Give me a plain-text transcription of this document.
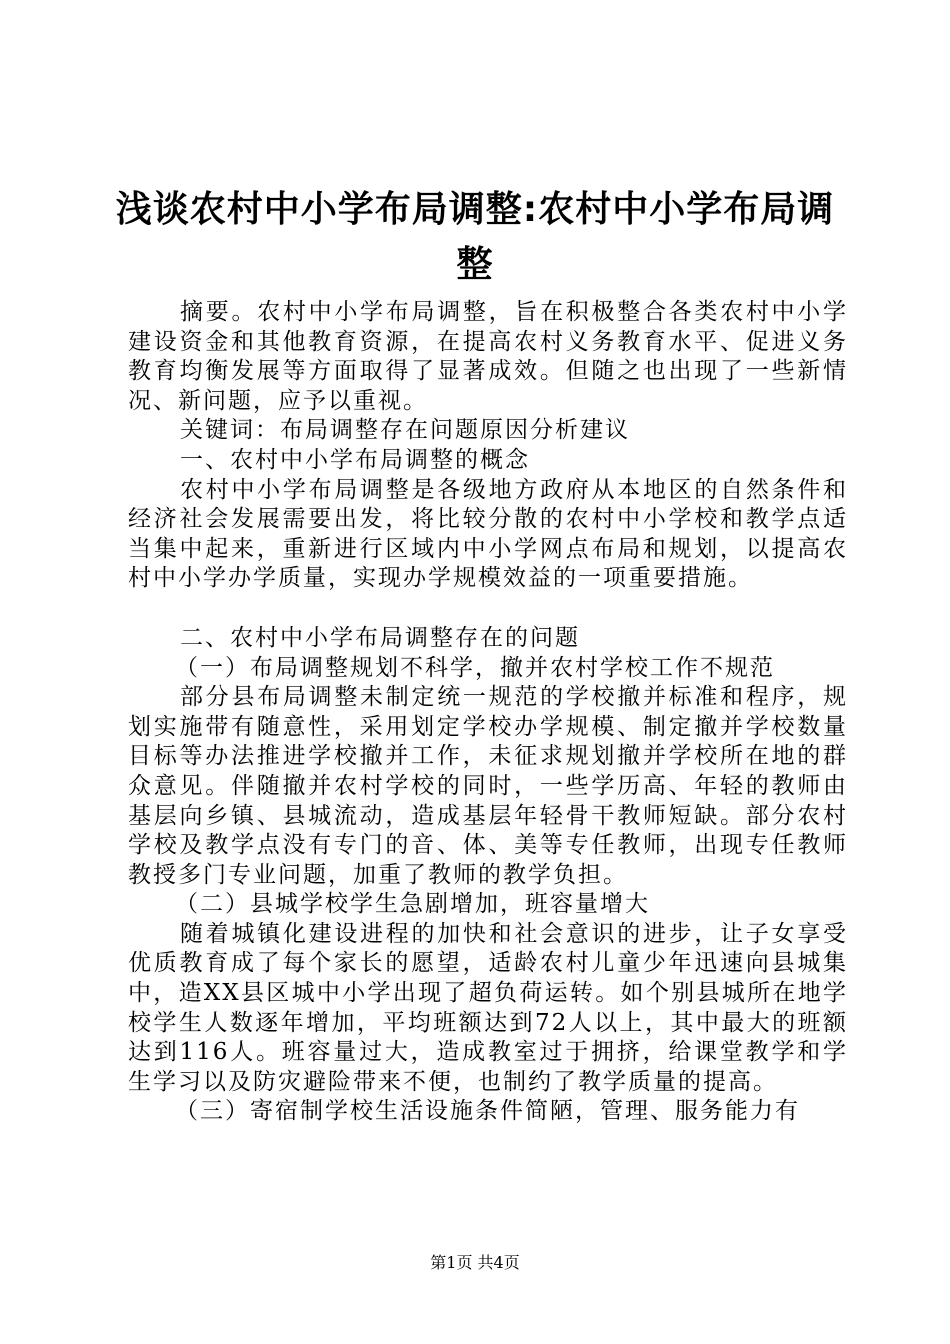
浅谈农村中小学布局调整:农村中小学布局调
整

摘要。农村中小学布局调整，旨在积极整合各类农村中小学建设资金和其他教育资源，在提高农村义务教育水平、促进义务教育均衡发展等方面取得了显著成效。但随之也出现了一些新情况、新问题，应予以重视。

关键词：布局调整存在问题原因分析建议

一、农村中小学布局调整的概念

农村中小学布局调整是各级地方政府从本地区的自然条件和经济社会发展需要出发，将比较分散的农村中小学校和教学点适当集中起来，重新进行区域内中小学网点布局和规划，以提高农村中小学办学质量，实现办学规模效益的一项重要措施。

二、农村中小学布局调整存在的问题

（一）布局调整规划不科学，撤并农村学校工作不规范

部分县布局调整未制定统一规范的学校撤并标准和程序，规划实施带有随意性，采用划定学校办学规模、制定撤并学校数量目标等办法推进学校撤并工作，未征求规划撤并学校所在地的群众意见。伴随撤并农村学校的同时，一些学历高、年轻的教师由基层向乡镇、县城流动，造成基层年轻骨干教师短缺。部分农村学校及教学点没有专门的音、体、美等专任教师，出现专任教师教授多门专业问题，加重了教师的教学负担。

（二）县城学校学生急剧增加，班容量增大

随着城镇化建设进程的加快和社会意识的进步，让子女享受优质教育成了每个家长的愿望，适龄农村儿童少年迅速向县城集中，造XX县区城中小学出现了超负荷运转。如个别县城所在地学校学生人数逐年增加，平均班额达到72人以上，其中最大的班额达到116人。班容量过大，造成教室过于拥挤，给课堂教学和学生学习以及防灾避险带来不便，也制约了教学质量的提高。

（三）寄宿制学校生活设施条件简陋，管理、服务能力有

第1页 共4页
